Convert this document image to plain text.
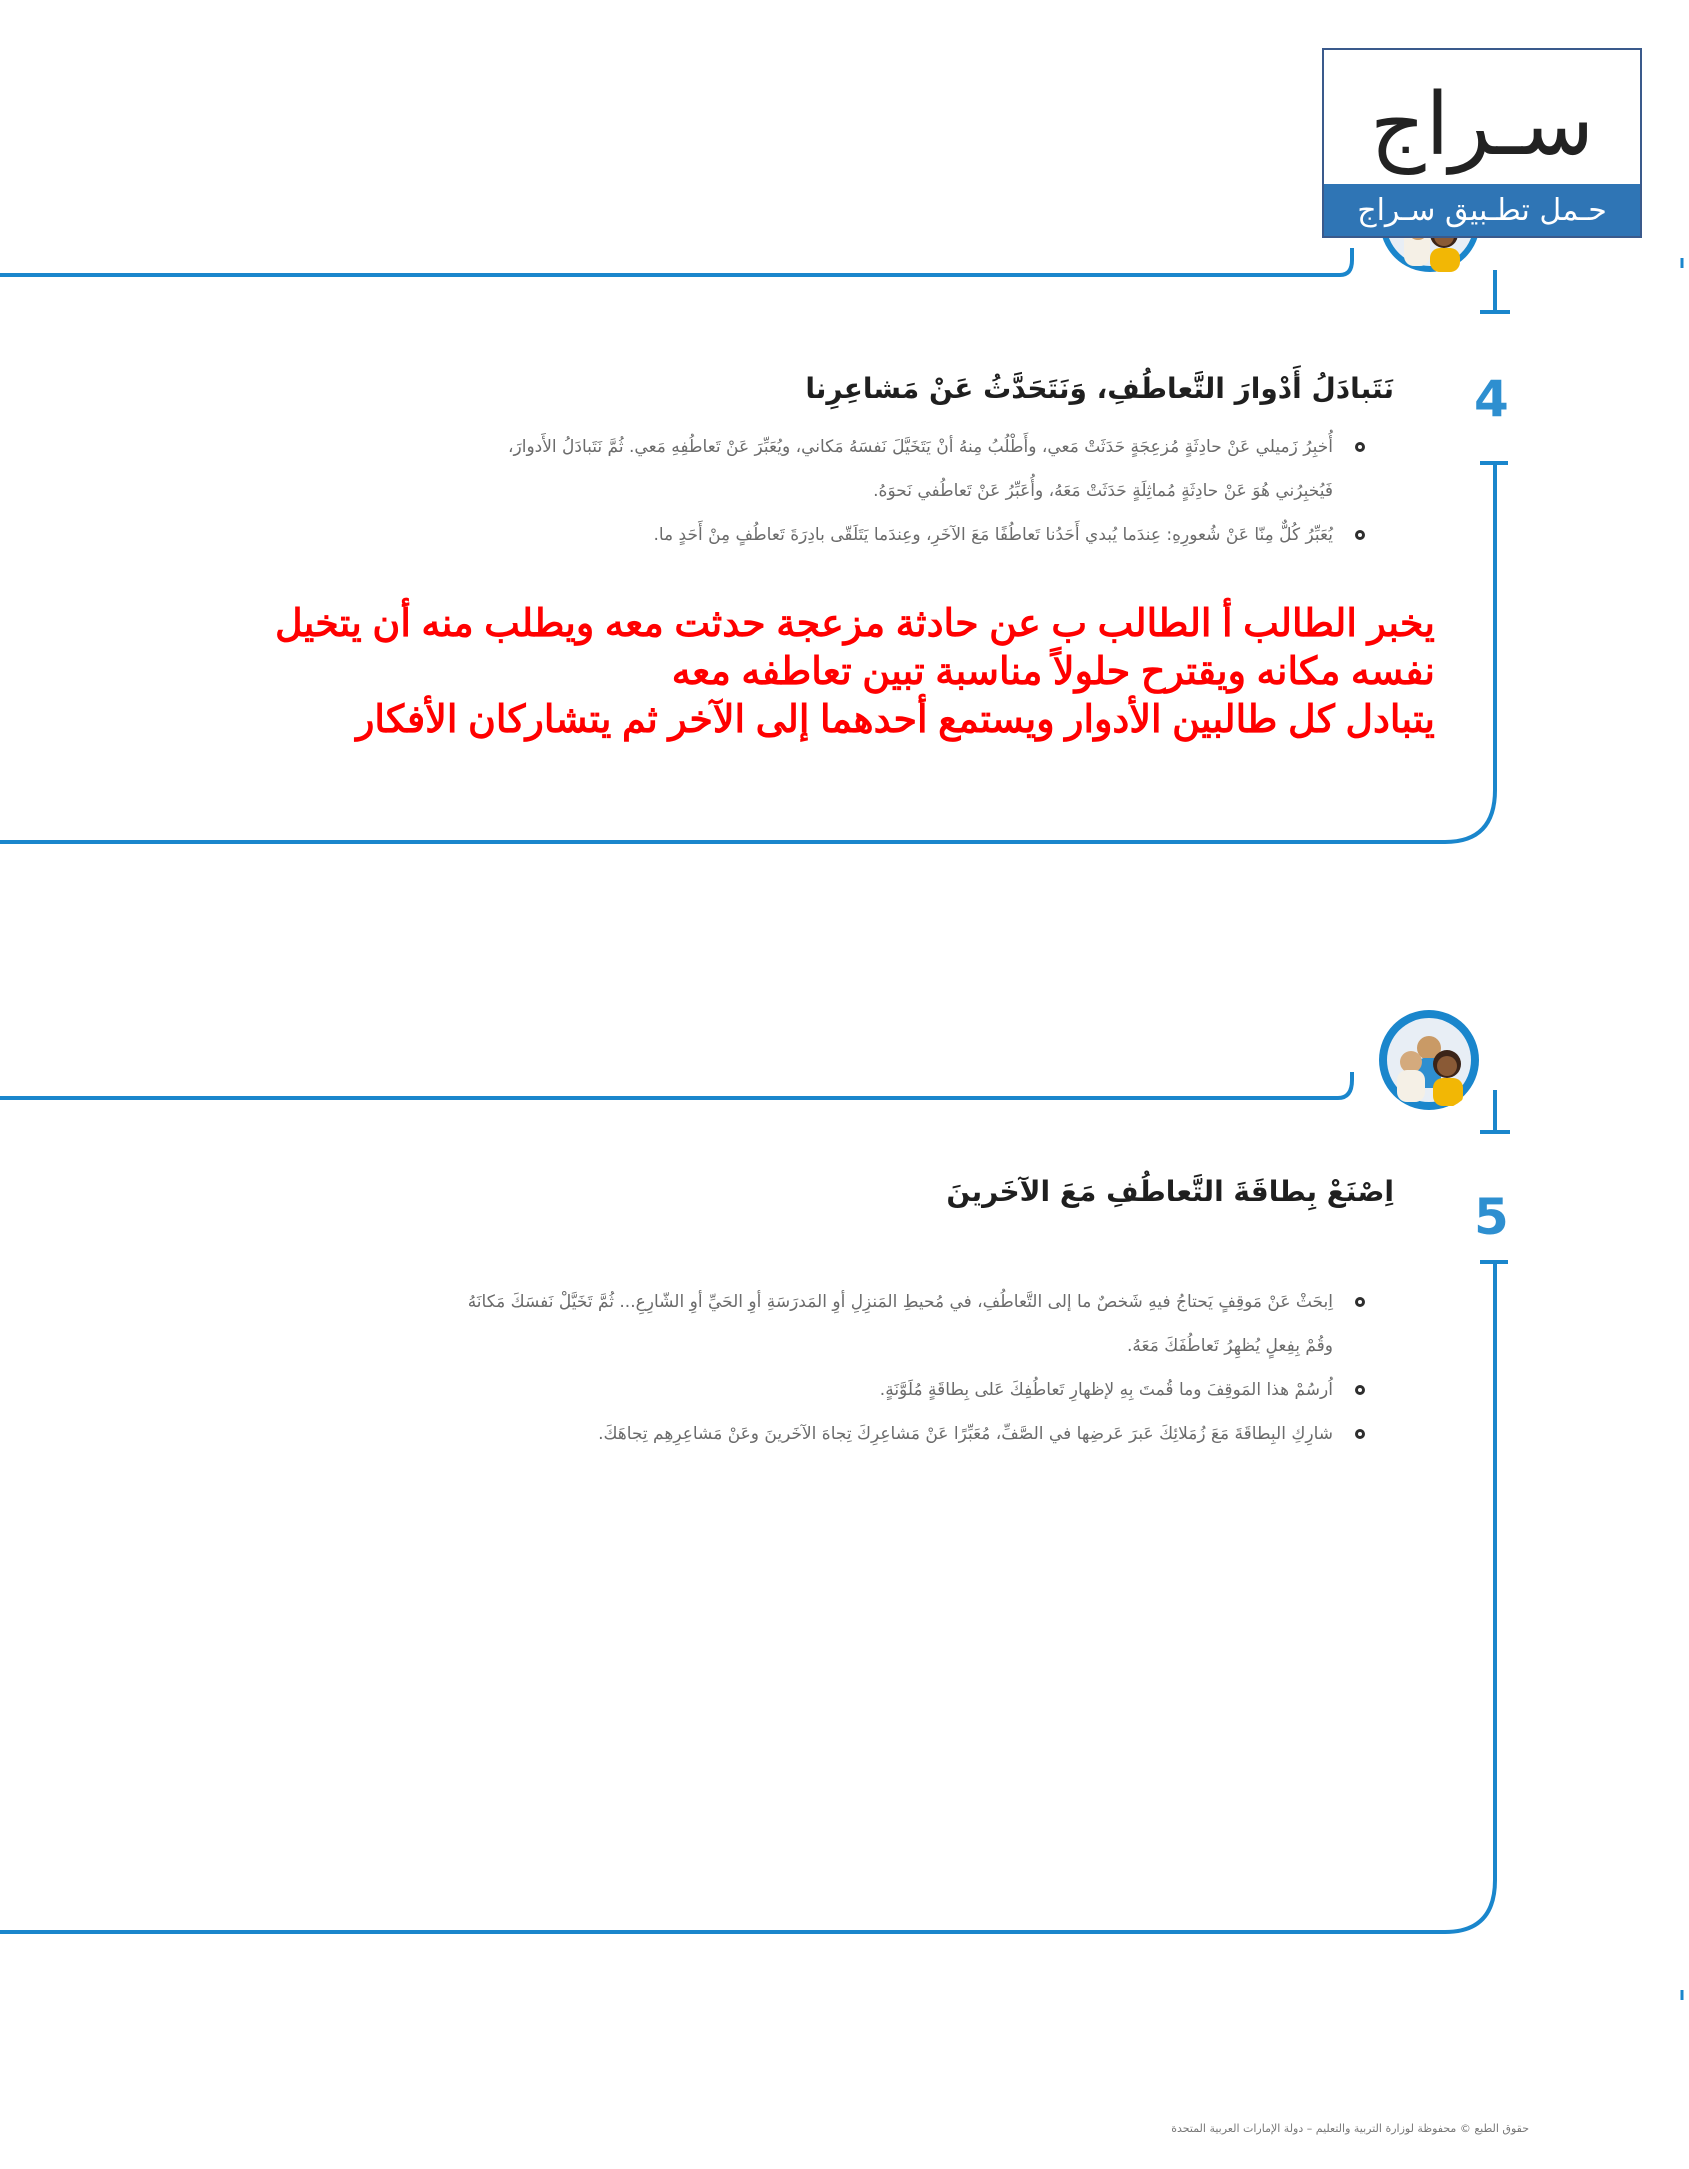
سـراج
حـمل تطـبيق سـراج
4
نَتَبادَلُ أَدْوارَ التَّعاطُفِ، وَنَتَحَدَّثُ عَنْ مَشاعِرِنا
أُخبِرُ زَميلي عَنْ حادِثَةٍ مُزعِجَةٍ حَدَثَتْ مَعي، وأَطْلُبُ مِنهُ أنْ يَتَخَيَّلَ نَفسَهُ مَكاني، ويُعَبِّرَ عَنْ تَعاطُفِهِ مَعي. ثُمَّ نَتَبادَلُ الأَدوارَ،
فَيُخبِرُني هُوَ عَنْ حادِثَةٍ مُماثِلَةٍ حَدَثَتْ مَعَهُ، وأُعَبِّرُ عَنْ تَعاطُفي نَحوَهُ.
يُعَبِّرُ كُلٌّ مِنّا عَنْ شُعورِهِ: عِندَما يُبدي أَحَدُنا تَعاطُفًا مَعَ الآخَرِ، وعِندَما يَتَلَقّى بادِرَةَ تَعاطُفٍ مِنْ أَحَدٍ ما.
يخبر الطالب أ الطالب ب عن حادثة مزعجة حدثت معه ويطلب منه أن يتخيل
نفسه مكانه ويقترح حلولاً مناسبة تبين تعاطفه معه
يتبادل كل طالبين الأدوار ويستمع أحدهما إلى الآخر ثم يتشاركان الأفكار
5
اِصْنَعْ بِطاقَةَ التَّعاطُفِ مَعَ الآخَرينَ
اِبحَثْ عَنْ مَوقِفٍ يَحتاجُ فيهِ شَخصٌ ما إلى التَّعاطُفِ، في مُحيطِ المَنزِلِ أوِ المَدرَسَةِ أوِ الحَيِّ أوِ الشّارِعِ... ثُمَّ تَخَيَّلْ نَفسَكَ مَكانَهُ
وقُمْ بِفِعلٍ يُظهِرُ تَعاطُفَكَ مَعَهُ.
اُرسُمْ هذا المَوقِفَ وما قُمتَ بِهِ لإظهارِ تَعاطُفِكَ عَلى بِطاقَةٍ مُلَوَّنَةٍ.
شارِكِ البِطاقَةَ مَعَ زُمَلائِكَ عَبرَ عَرضِها في الصَّفِّ، مُعَبِّرًا عَنْ مَشاعِرِكَ تِجاهَ الآخَرينَ وعَنْ مَشاعِرِهِم تِجاهَكَ.
حقوق الطبع © محفوظة لوزارة التربية والتعليم – دولة الإمارات العربية المتحدة
